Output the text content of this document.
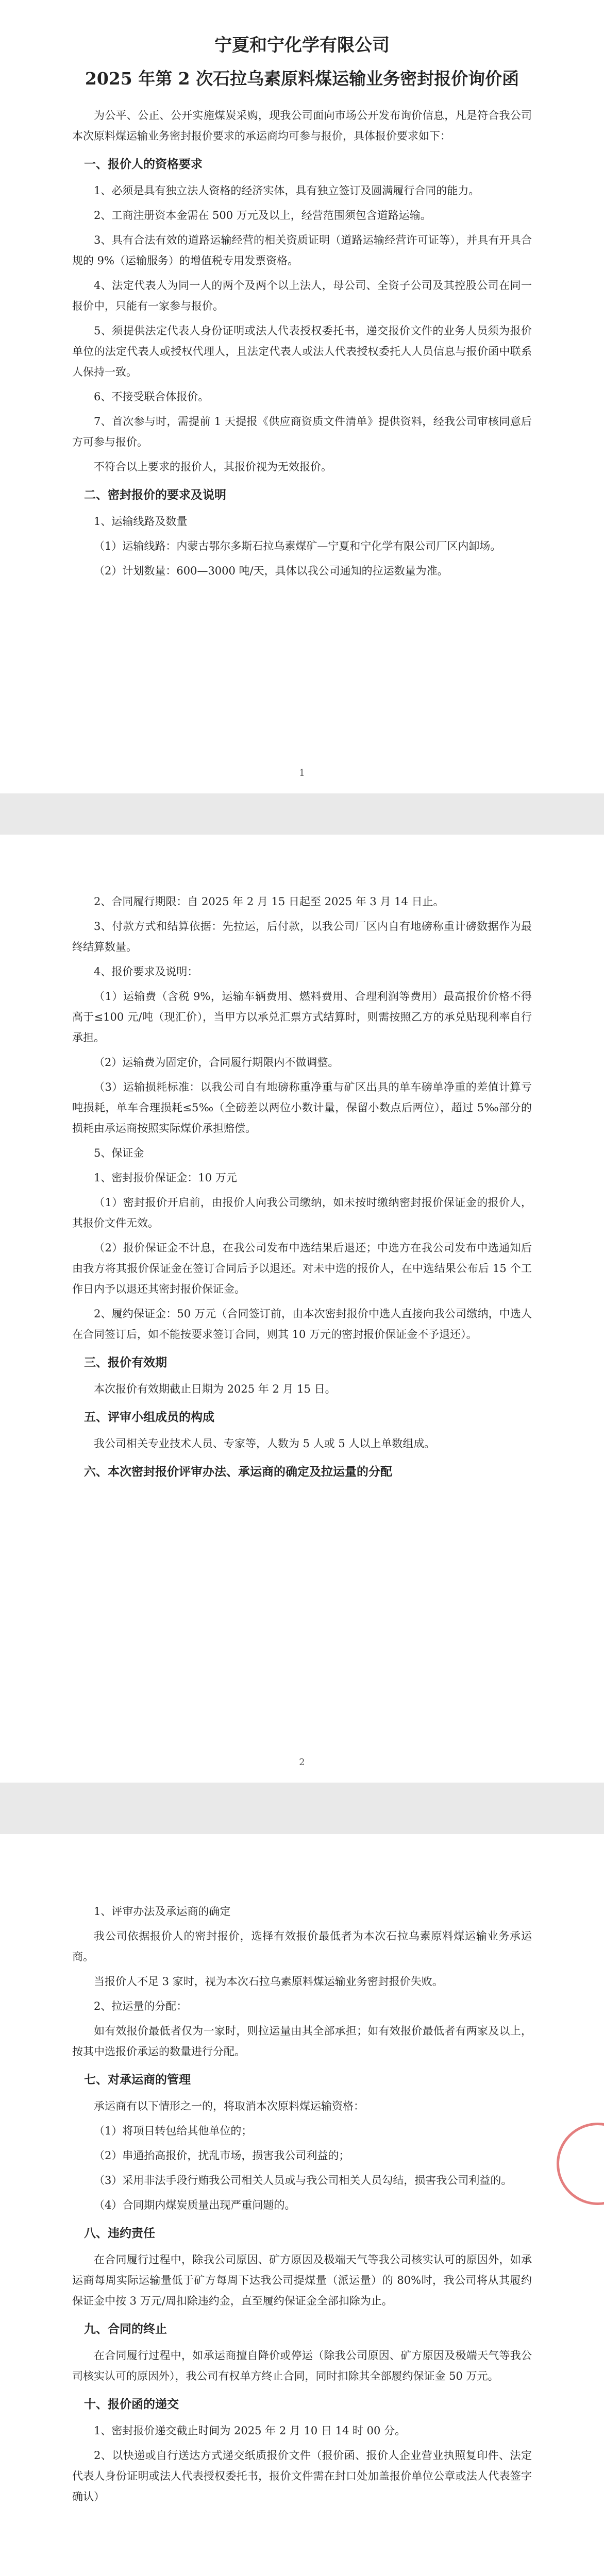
宁夏和宁化学有限公司
2025 年第 2 次石拉乌素原料煤运输业务密封报价询价函

为公平、公正、公开实施煤炭采购，现我公司面向市场公开发布询价信息，凡是符合我公司本次原料煤运输业务密封报价要求的承运商均可参与报价，具体报价要求如下：

一、报价人的资格要求

1、必须是具有独立法人资格的经济实体，具有独立签订及圆满履行合同的能力。

2、工商注册资本金需在 500 万元及以上，经营范围须包含道路运输。

3、具有合法有效的道路运输经营的相关资质证明（道路运输经营许可证等），并具有开具合规的 9%（运输服务）的增值税专用发票资格。

4、法定代表人为同一人的两个及两个以上法人，母公司、全资子公司及其控股公司在同一报价中，只能有一家参与报价。

5、须提供法定代表人身份证明或法人代表授权委托书，递交报价文件的业务人员须为报价单位的法定代表人或授权代理人，且法定代表人或法人代表授权委托人人员信息与报价函中联系人保持一致。

6、不接受联合体报价。

7、首次参与时，需提前 1 天提报《供应商资质文件清单》提供资料，经我公司审核同意后方可参与报价。

不符合以上要求的报价人，其报价视为无效报价。

二、密封报价的要求及说明

1、运输线路及数量

（1）运输线路：内蒙古鄂尔多斯石拉乌素煤矿—宁夏和宁化学有限公司厂区内缷场。

（2）计划数量：600—3000 吨/天，具体以我公司通知的拉运数量为准。

1

2、合同履行期限：自 2025 年 2 月 15 日起至 2025 年 3 月 14 日止。

3、付款方式和结算依据：先拉运，后付款，以我公司厂区内自有地磅称重计磅数据作为最终结算数量。

4、报价要求及说明：

（1）运输费（含税 9%，运输车辆费用、燃料费用、合理利润等费用）最高报价价格不得高于≤100 元/吨（现汇价），当甲方以承兑汇票方式结算时，则需按照乙方的承兑贴现利率自行承担。

（2）运输费为固定价，合同履行期限内不做调整。

（3）运输损耗标准：以我公司自有地磅称重净重与矿区出具的单车磅单净重的差值计算亏吨损耗，单车合理损耗≤5‰（全磅差以两位小数计量，保留小数点后两位），超过 5‰部分的损耗由承运商按照实际煤价承担赔偿。

5、保证金

1、密封报价保证金：10 万元

（1）密封报价开启前，由报价人向我公司缴纳，如未按时缴纳密封报价保证金的报价人，其报价文件无效。

（2）报价保证金不计息，在我公司发布中选结果后退还；中选方在我公司发布中选通知后由我方将其报价保证金在签订合同后予以退还。对未中选的报价人，在中选结果公布后 15 个工作日内予以退还其密封报价保证金。

2、履约保证金：50 万元（合同签订前，由本次密封报价中选人直接向我公司缴纳，中选人在合同签订后，如不能按要求签订合同，则其 10 万元的密封报价保证金不予退还）。

三、报价有效期

本次报价有效期截止日期为 2025 年 2 月 15 日。

五、评审小组成员的构成

我公司相关专业技术人员、专家等，人数为 5 人或 5 人以上单数组成。

六、本次密封报价评审办法、承运商的确定及拉运量的分配
2

1、评审办法及承运商的确定

我公司依据报价人的密封报价，选择有效报价最低者为本次石拉乌素原料煤运输业务承运商。

当报价人不足 3 家时，视为本次石拉乌素原料煤运输业务密封报价失败。

2、拉运量的分配：

如有效报价最低者仅为一家时，则拉运量由其全部承担；如有效报价最低者有两家及以上，按其中选报价承运的数量进行分配。

七、对承运商的管理

承运商有以下情形之一的，将取消本次原料煤运输资格：

（1）将项目转包给其他单位的；

（2）串通抬高报价，扰乱市场，损害我公司利益的；

（3）采用非法手段行贿我公司相关人员或与我公司相关人员勾结，损害我公司利益的。

（4）合同期内煤炭质量出现严重问题的。

八、违约责任

在合同履行过程中，除我公司原因、矿方原因及极端天气等我公司核实认可的原因外，如承运商每周实际运输量低于矿方每周下达我公司提煤量（派运量）的 80%时，我公司将从其履约保证金中按 3 万元/周扣除违约金，直至履约保证金全部扣除为止。

九、合同的终止

在合同履行过程中，如承运商擅自降价或停运（除我公司原因、矿方原因及极端天气等我公司核实认可的原因外），我公司有权单方终止合同，同时扣除其全部履约保证金 50 万元。

十、报价函的递交

1、密封报价递交截止时间为 2025 年 2 月 10 日 14 时 00 分。

2、以快递或自行送达方式递交纸质报价文件（报价函、报价人企业营业执照复印件、法定代表人身份证明或法人代表授权委托书，报价文件需在封口处加盖报价单位公章或法人代表签字确认）
